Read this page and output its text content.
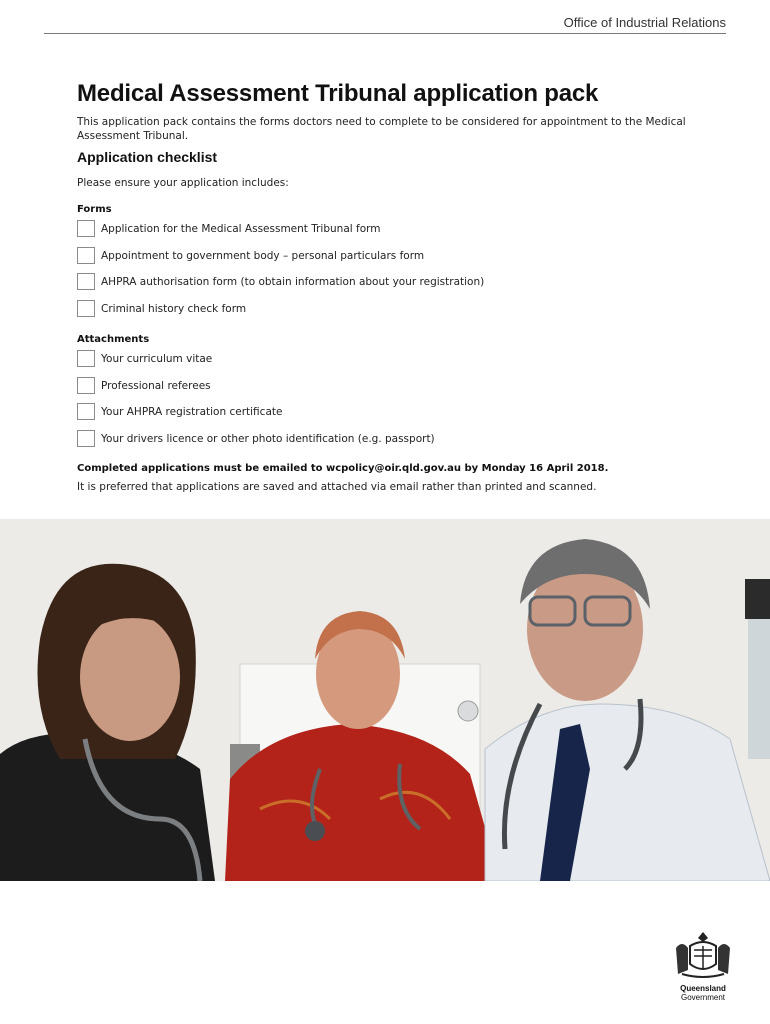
Office of Industrial Relations
Medical Assessment Tribunal application pack
This application pack contains the forms doctors need to complete to be considered for appointment to the Medical Assessment Tribunal.
Application checklist
Please ensure your application includes:
Forms
Application for the Medical Assessment Tribunal form
Appointment to government body – personal particulars form
AHPRA authorisation form (to obtain information about your registration)
Criminal history check form
Attachments
Your curriculum vitae
Professional referees
Your AHPRA registration certificate
Your drivers licence or other photo identification (e.g. passport)
Completed applications must be emailed to wcpolicy@oir.qld.gov.au by Monday 16 April 2018.
It is preferred that applications are saved and attached via email rather than printed and scanned.
Queensland
Government
